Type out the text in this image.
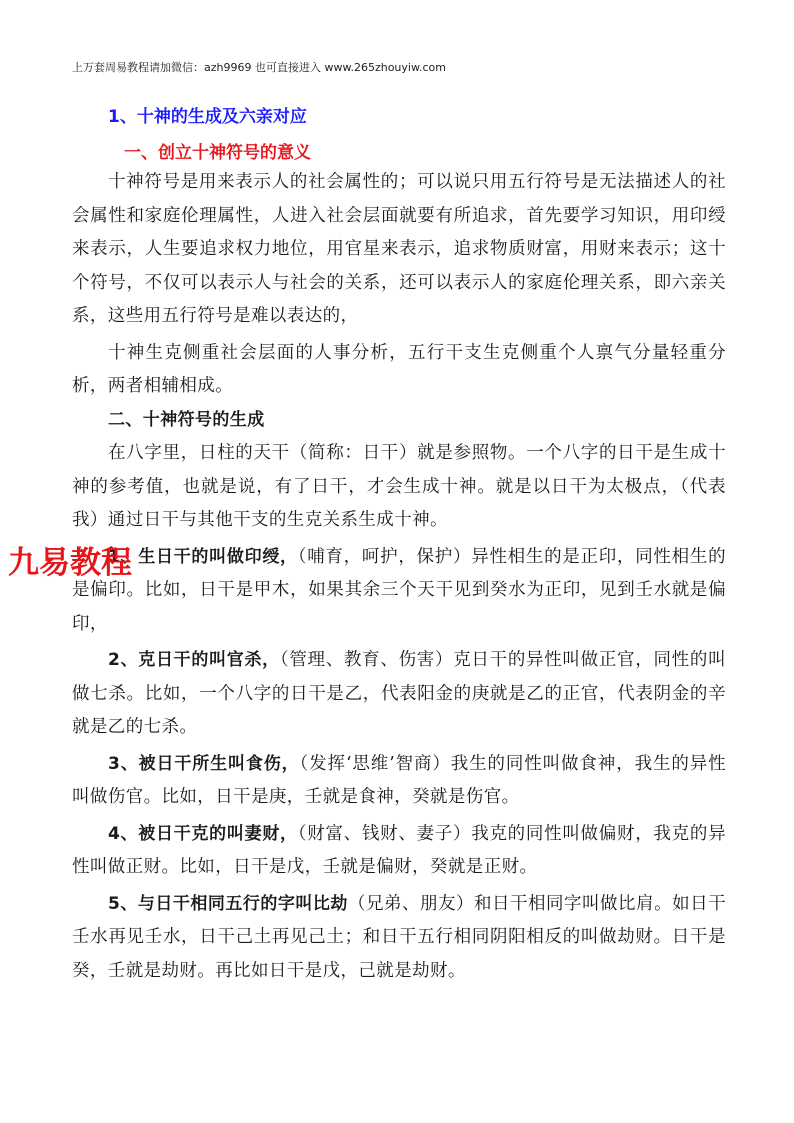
上万套周易教程请加微信：azh9969 也可直接进入 www.265zhouyiw.com
1、十神的生成及六亲对应
一、创立十神符号的意义

十神符号是用来表示人的社会属性的；可以说只用五行符号是无法描述人的社会属性和家庭伦理属性，人进入社会层面就要有所追求，首先要学习知识，用印绶来表示，人生要追求权力地位，用官星来表示，追求物质财富，用财来表示；这十个符号，不仅可以表示人与社会的关系，还可以表示人的家庭伦理关系，即六亲关系，这些用五行符号是难以表达的，

十神生克侧重社会层面的人事分析，五行干支生克侧重个人禀气分量轻重分析，两者相辅相成。

二、十神符号的生成

在八字里，日柱的天干（简称：日干）就是参照物。一个八字的日干是生成十神的参考值，也就是说，有了日干，才会生成十神。就是以日干为太极点，（代表我）通过日干与其他干支的生克关系生成十神。

1、生日干的叫做印绶，（哺育，呵护，保护）异性相生的是正印，同性相生的是偏印。比如，日干是甲木，如果其余三个天干见到癸水为正印，见到壬水就是偏印，

2、克日干的叫官杀，（管理、教育、伤害）克日干的异性叫做正官，同性的叫做七杀。比如，一个八字的日干是乙，代表阳金的庚就是乙的正官，代表阴金的辛就是乙的七杀。

3、被日干所生叫食伤，（发挥‘思维’智商）我生的同性叫做食神，我生的异性叫做伤官。比如，日干是庚，壬就是食神，癸就是伤官。

4、被日干克的叫妻财，（财富、钱财、妻子）我克的同性叫做偏财，我克的异性叫做正财。比如，日干是戊，壬就是偏财，癸就是正财。

5、与日干相同五行的字叫比劫（兄弟、朋友）和日干相同字叫做比肩。如日干壬水再见壬水，日干己土再见己土；和日干五行相同阴阳相反的叫做劫财。日干是癸，壬就是劫财。再比如日干是戊，己就是劫财。

九易教程
